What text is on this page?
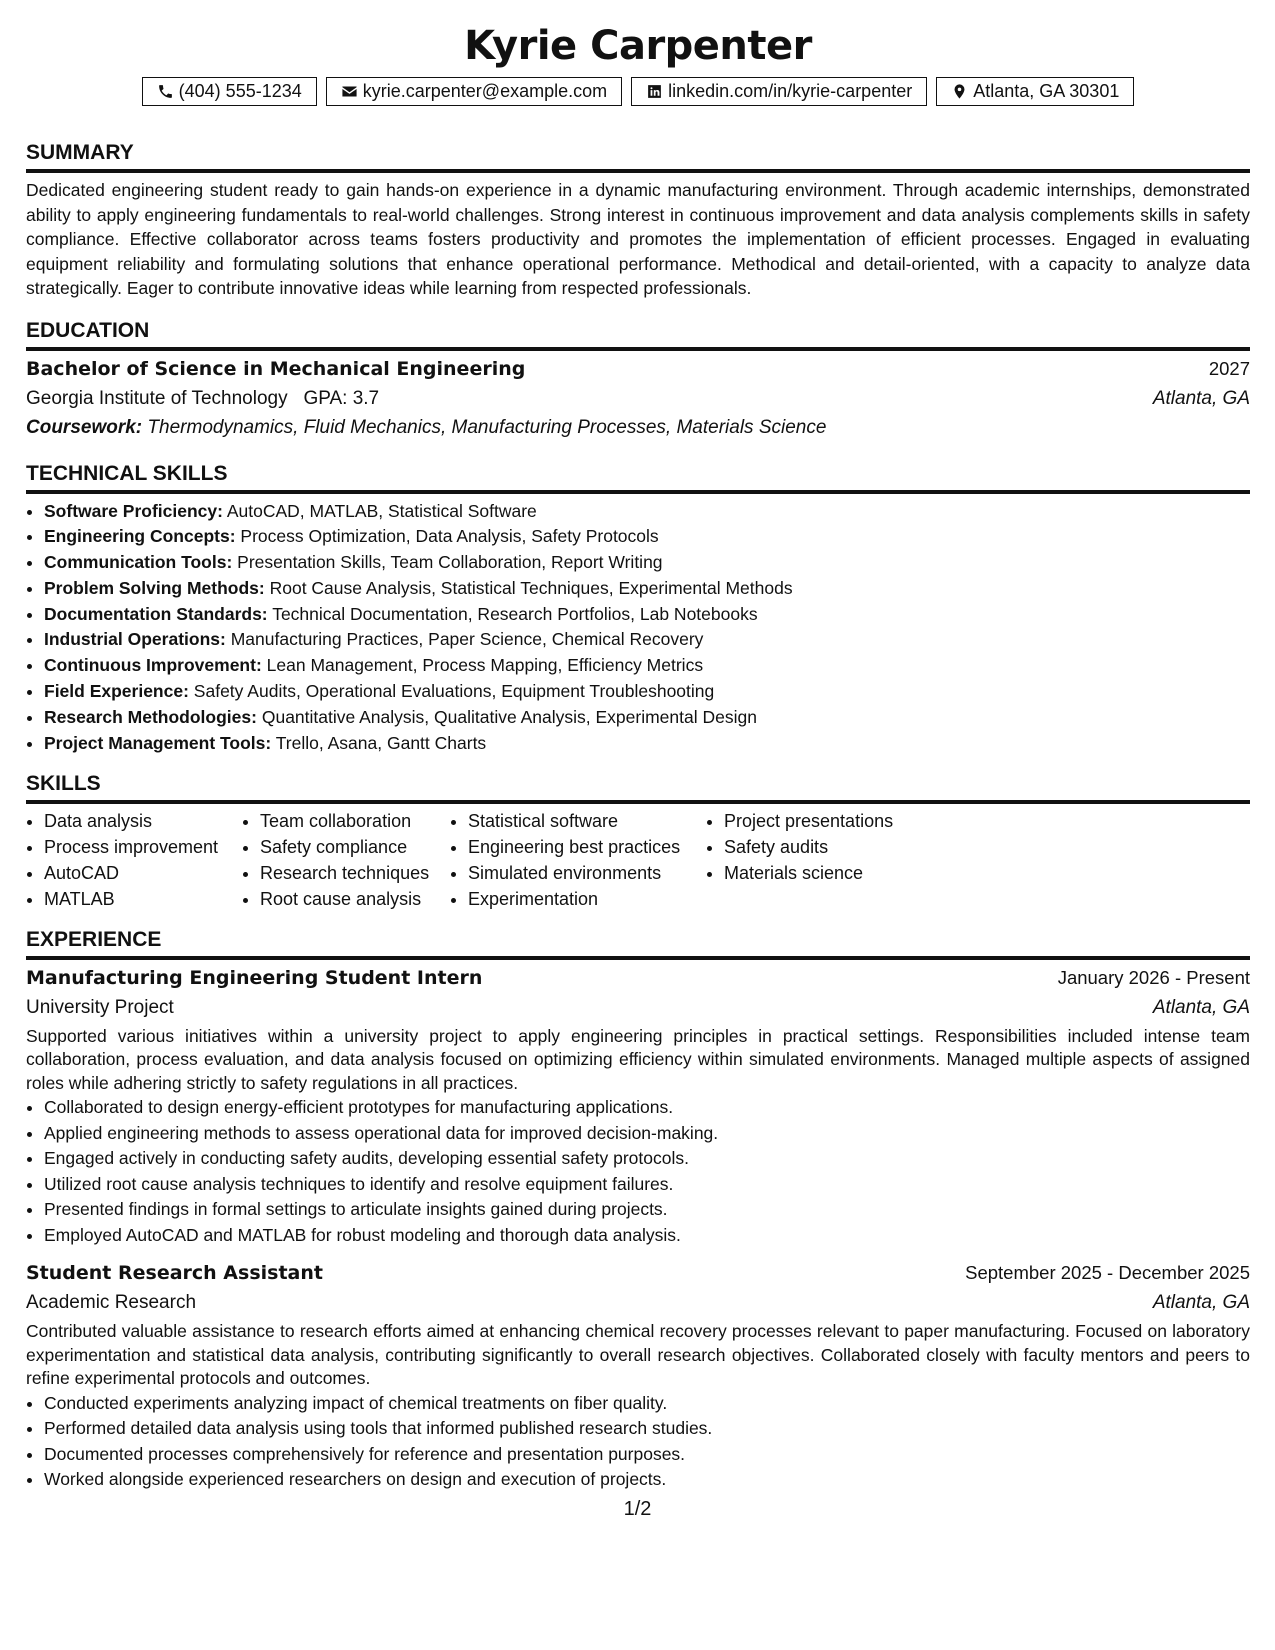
Kyrie Carpenter
(404) 555-1234	kyrie.carpenter@example.com	linkedin.com/in/kyrie-carpenter	Atlanta, GA 30301
SUMMARY
Dedicated engineering student ready to gain hands-on experience in a dynamic manufacturing environment. Through academic internships, demonstrated ability to apply engineering fundamentals to real-world challenges. Strong interest in continuous improvement and data analysis complements skills in safety compliance. Effective collaborator across teams fosters productivity and promotes the implementation of efficient processes. Engaged in evaluating equipment reliability and formulating solutions that enhance operational performance. Methodical and detail-oriented, with a capacity to analyze data strategically. Eager to contribute innovative ideas while learning from respected professionals.
EDUCATION
Bachelor of Science in Mechanical Engineering	2027
Georgia Institute of Technology GPA: 3.7	Atlanta, GA
Coursework: Thermodynamics, Fluid Mechanics, Manufacturing Processes, Materials Science
TECHNICAL SKILLS
• Software Proficiency: AutoCAD, MATLAB, Statistical Software
• Engineering Concepts: Process Optimization, Data Analysis, Safety Protocols
• Communication Tools: Presentation Skills, Team Collaboration, Report Writing
• Problem Solving Methods: Root Cause Analysis, Statistical Techniques, Experimental Methods
• Documentation Standards: Technical Documentation, Research Portfolios, Lab Notebooks
• Industrial Operations: Manufacturing Practices, Paper Science, Chemical Recovery
• Continuous Improvement: Lean Management, Process Mapping, Efficiency Metrics
• Field Experience: Safety Audits, Operational Evaluations, Equipment Troubleshooting
• Research Methodologies: Quantitative Analysis, Qualitative Analysis, Experimental Design
• Project Management Tools: Trello, Asana, Gantt Charts
SKILLS
• Data analysis
• Process improvement
• AutoCAD
• MATLAB
• Team collaboration
• Safety compliance
• Research techniques
• Root cause analysis
• Statistical software
• Engineering best practices
• Simulated environments
• Experimentation
• Project presentations
• Safety audits
• Materials science
EXPERIENCE
Manufacturing Engineering Student Intern	January 2026 - Present
University Project	Atlanta, GA
Supported various initiatives within a university project to apply engineering principles in practical settings. Responsibilities included intense team collaboration, process evaluation, and data analysis focused on optimizing efficiency within simulated environments. Managed multiple aspects of assigned roles while adhering strictly to safety regulations in all practices.
• Collaborated to design energy-efficient prototypes for manufacturing applications.
• Applied engineering methods to assess operational data for improved decision-making.
• Engaged actively in conducting safety audits, developing essential safety protocols.
• Utilized root cause analysis techniques to identify and resolve equipment failures.
• Presented findings in formal settings to articulate insights gained during projects.
• Employed AutoCAD and MATLAB for robust modeling and thorough data analysis.
Student Research Assistant	September 2025 - December 2025
Academic Research	Atlanta, GA
Contributed valuable assistance to research efforts aimed at enhancing chemical recovery processes relevant to paper manufacturing. Focused on laboratory experimentation and statistical data analysis, contributing significantly to overall research objectives. Collaborated closely with faculty mentors and peers to refine experimental protocols and outcomes.
• Conducted experiments analyzing impact of chemical treatments on fiber quality.
• Performed detailed data analysis using tools that informed published research studies.
• Documented processes comprehensively for reference and presentation purposes.
• Worked alongside experienced researchers on design and execution of projects.
1/2
